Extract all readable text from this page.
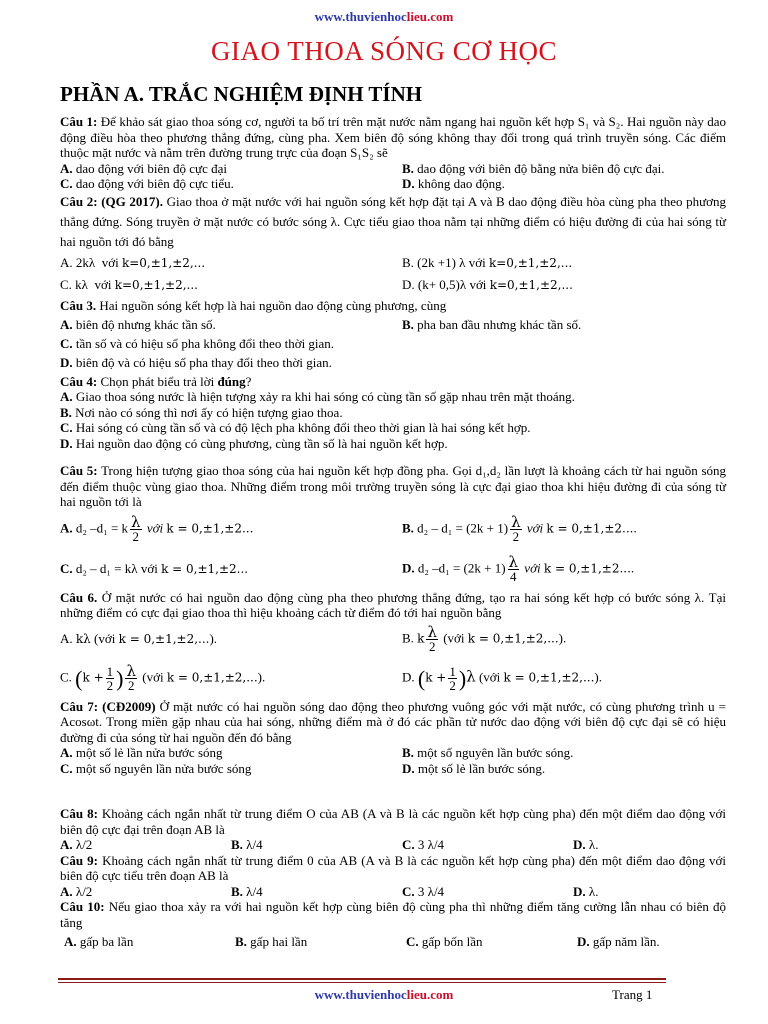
www.thuvienhoclieu.com
GIAO THOA SÓNG CƠ HỌC
PHẦN A. TRẮC NGHIỆM ĐỊNH TÍNH

Câu 1: Để khảo sát giao thoa sóng cơ, người ta bố trí trên mặt nước nằm ngang hai nguồn kết hợp S₁ và S₂. Hai nguồn này dao động điều hòa theo phương thẳng đứng, cùng pha. Xem biên độ sóng không thay đổi trong quá trình truyền sóng. Các điểm thuộc mặt nước và nằm trên đường trung trực của đoạn S₁S₂ sẽ

A. dao động với biên độ cực đại	B. dao động với biên độ bằng nửa biên độ cực đại.
C. dao động với biên độ cực tiểu.	D. không dao động.

Câu 2: (QG 2017). Giao thoa ở mặt nước với hai nguồn sóng kết hợp đặt tại A và B dao động điều hòa cùng pha theo phương thẳng đứng. Sóng truyền ở mặt nước có bước sóng λ. Cực tiểu giao thoa nằm tại những điểm có hiệu đường đi của hai sóng từ hai nguồn tới đó bằng

A. 2kλ với k=0,±1,±2,...	B. (2k +1) λ với k=0,±1,±2,...
C. kλ với k=0,±1,±2,...	D. (k+ 0,5)λ với k=0,±1,±2,...

Câu 3. Hai nguồn sóng kết hợp là hai nguồn dao động cùng phương, cùng

A. biên độ nhưng khác tần số.	B. pha ban đầu nhưng khác tần số.
C. tần số và có hiệu số pha không đổi theo thời gian.
D. biên độ và có hiệu số pha thay đổi theo thời gian.

Câu 4: Chọn phát biểu trả lời đúng?

A. Giao thoa sóng nước là hiện tượng xảy ra khi hai sóng có cùng tần số gặp nhau trên mặt thoáng.
B. Nơi nào có sóng thì nơi ấy có hiện tượng giao thoa.
C. Hai sóng có cùng tần số và có độ lệch pha không đổi theo thời gian là hai sóng kết hợp.
D. Hai nguồn dao động có cùng phương, cùng tần số là hai nguồn kết hợp.

Câu 5: Trong hiện tượng giao thoa sóng của hai nguồn kết hợp đồng pha. Gọi d₁,d₂ lần lượt là khoảng cách từ hai nguồn sóng đến điểm thuộc vùng giao thoa. Những điểm trong môi trường truyền sóng là cực đại giao thoa khi hiệu đường đi của sóng từ hai nguồn tới là

A. d₂ –d₁ = k $\frac{\lambda}{2}$ với k = 0,±1,±2...	B. $d_2 - d_1 = (2k + 1) \frac{\lambda}{2}$ với k = 0,±1,±2....
C. d₂ – d₁ = kλ với k = 0,±1,±2...	D. d₂ $-d_1 = (2k + 1) \frac{\lambda}{4}$ với k = 0,±1,±2....

Câu 6. Ở mặt nước có hai nguồn dao động cùng pha theo phương thẳng đứng, tạo ra hai sóng kết hợp có bước sóng λ. Tại những điểm có cực đại giao thoa thì hiệu khoảng cách từ điểm đó tới hai nguồn bằng

A. kλ (với k = 0,±1,±2,...).	B. k $\frac{\lambda}{2}$ (với k = 0,±1,±2,...).
C. ($k + \frac{1}{2}$ ) $\frac{\lambda}{2}$ (với k = 0,±1,±2,...).	D. $(k + \frac{1}{2} )\lambda$ (với k = 0,±1,±2,...).

Câu 7: (CĐ2009) Ở mặt nước có hai nguồn sóng dao động theo phương vuông góc với mặt nước, có cùng phương trình u = Acosωt. Trong miền gặp nhau của hai sóng, những điểm mà ở đó các phần tử nước dao động với biên độ cực đại sẽ có hiệu đường đi của sóng từ hai nguồn đến đó bằng

A. một số lẻ lần nửa bước sóng	B. một số nguyên lần bước sóng.
C. một số nguyên lần nửa bước sóng	D. một số lẻ lần bước sóng.

Câu 8: Khoảng cách ngắn nhất từ trung điểm O của AB (A và B là các nguồn kết hợp cùng pha) đến một điểm dao động với biên độ cực đại trên đoạn AB là

A. λ/2	B. λ/4	C. 3 λ/4	D. λ.

Câu 9: Khoảng cách ngắn nhất từ trung điểm 0 của AB (A và B là các nguồn kết hợp cùng pha) đến một điểm dao động với biên độ cực tiểu trên đoạn AB là

A. λ/2	B. λ/4	C. 3 λ/4	D. λ.

Câu 10: Nếu giao thoa xảy ra với hai nguồn kết hợp cùng biên độ cùng pha thì những điểm tăng cường lẫn nhau có biên độ tăng

A. gấp ba lần	B. gấp hai lần	C. gấp bốn lần	D. gấp năm lần.
www.thuvienhoclieu.com	Trang 1
